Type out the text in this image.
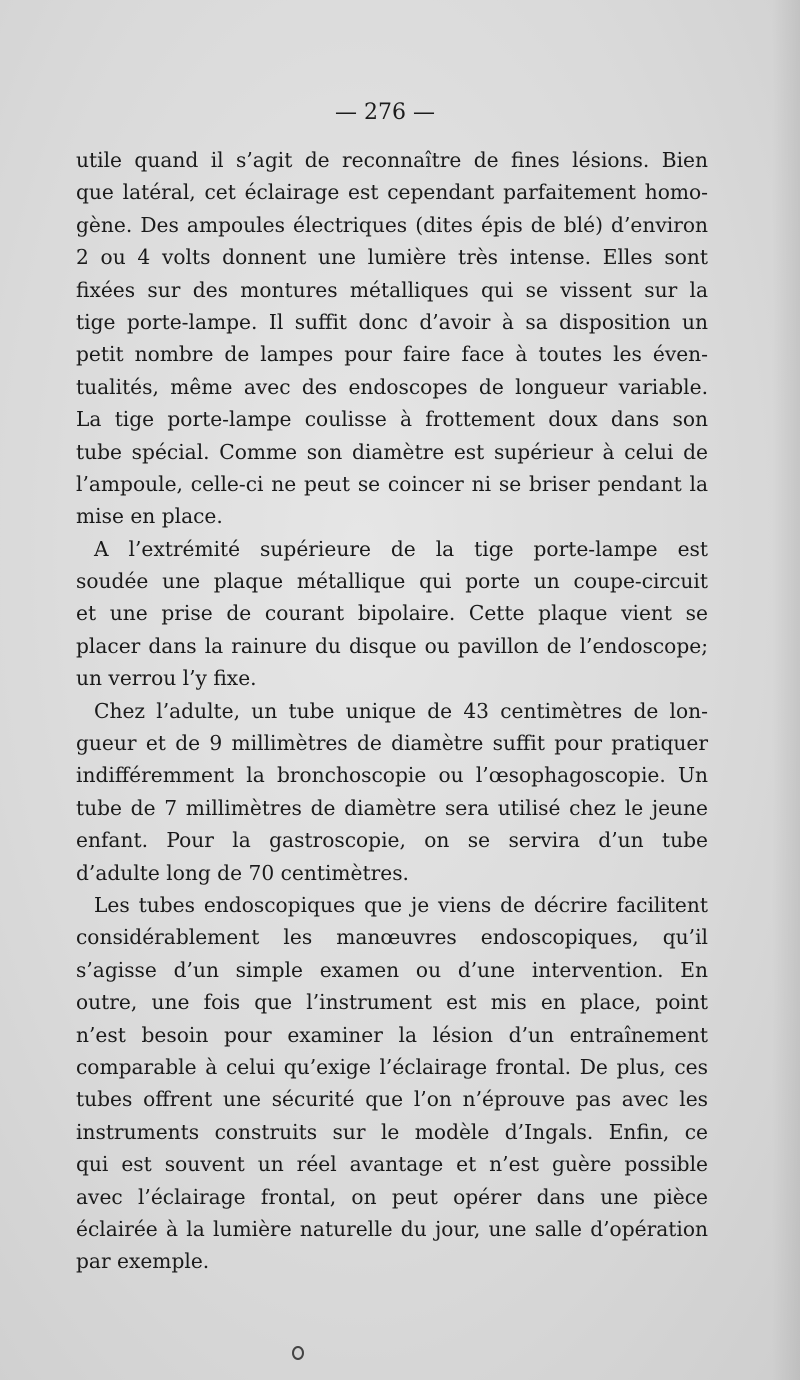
— 276 —
utile quand il s’agit de reconnaître de fines lésions. Bien
que latéral, cet éclairage est cependant parfaitement homo-
gène. Des ampoules électriques (dites épis de blé) d’environ
2 ou 4 volts donnent une lumière très intense. Elles sont
fixées sur des montures métalliques qui se vissent sur la
tige porte-lampe. Il suffit donc d’avoir à sa disposition un
petit nombre de lampes pour faire face à toutes les éven-
tualités, même avec des endoscopes de longueur variable.
La tige porte-lampe coulisse à frottement doux dans son
tube spécial. Comme son diamètre est supérieur à celui de
l’ampoule, celle-ci ne peut se coincer ni se briser pendant la
mise en place.
A l’extrémité supérieure de la tige porte-lampe est
soudée une plaque métallique qui porte un coupe-circuit
et une prise de courant bipolaire. Cette plaque vient se
placer dans la rainure du disque ou pavillon de l’endoscope;
un verrou l’y fixe.
Chez l’adulte, un tube unique de 43 centimètres de lon-
gueur et de 9 millimètres de diamètre suffit pour pratiquer
indifféremment la bronchoscopie ou l’œsophagoscopie. Un
tube de 7 millimètres de diamètre sera utilisé chez le jeune
enfant. Pour la gastroscopie, on se servira d’un tube
d’adulte long de 70 centimètres.
Les tubes endoscopiques que je viens de décrire facilitent
considérablement les manœuvres endoscopiques, qu’il
s’agisse d’un simple examen ou d’une intervention. En
outre, une fois que l’instrument est mis en place, point
n’est besoin pour examiner la lésion d’un entraînement
comparable à celui qu’exige l’éclairage frontal. De plus, ces
tubes offrent une sécurité que l’on n’éprouve pas avec les
instruments construits sur le modèle d’Ingals. Enfin, ce
qui est souvent un réel avantage et n’est guère possible
avec l’éclairage frontal, on peut opérer dans une pièce
éclairée à la lumière naturelle du jour, une salle d’opération
par exemple.
